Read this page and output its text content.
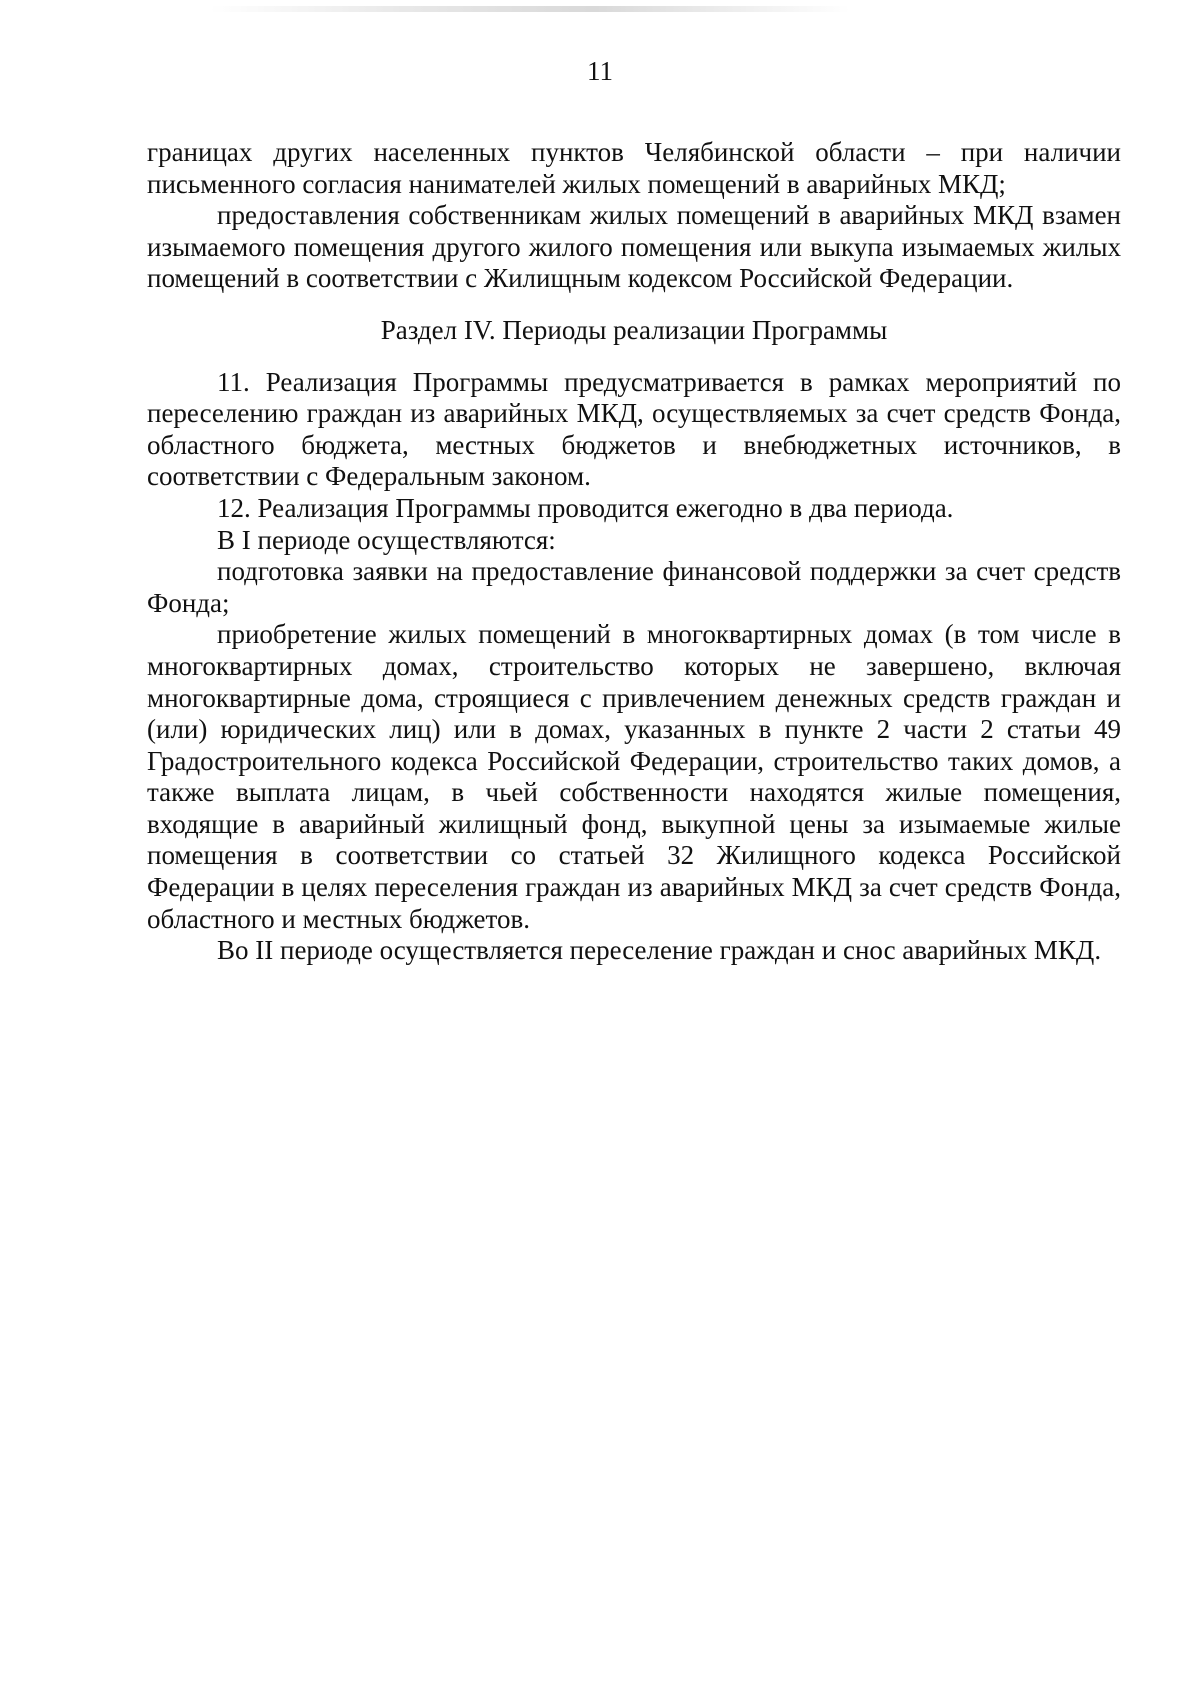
11

границах других населенных пунктов Челябинской области – при наличии письменного согласия нанимателей жилых помещений в аварийных МКД;

предоставления собственникам жилых помещений в аварийных МКД взамен изымаемого помещения другого жилого помещения или выкупа изымаемых жилых помещений в соответствии с Жилищным кодексом Российской Федерации.

Раздел IV. Периоды реализации Программы

11. Реализация Программы предусматривается в рамках мероприятий по переселению граждан из аварийных МКД, осуществляемых за счет средств Фонда, областного бюджета, местных бюджетов и внебюджетных источников, в соответствии с Федеральным законом.

12. Реализация Программы проводится ежегодно в два периода.

В I периоде осуществляются:

подготовка заявки на предоставление финансовой поддержки за счет средств Фонда;

приобретение жилых помещений в многоквартирных домах (в том числе в многоквартирных домах, строительство которых не завершено, включая многоквартирные дома, строящиеся с привлечением денежных средств граждан и (или) юридических лиц) или в домах, указанных в пункте 2 части 2 статьи 49 Градостроительного кодекса Российской Федерации, строительство таких домов, а также выплата лицам, в чьей собственности находятся жилые помещения, входящие в аварийный жилищный фонд, выкупной цены за изымаемые жилые помещения в соответствии со статьей 32 Жилищного кодекса Российской Федерации в целях переселения граждан из аварийных МКД за счет средств Фонда, областного и местных бюджетов.

Во II периоде осуществляется переселение граждан и снос аварийных МКД.
